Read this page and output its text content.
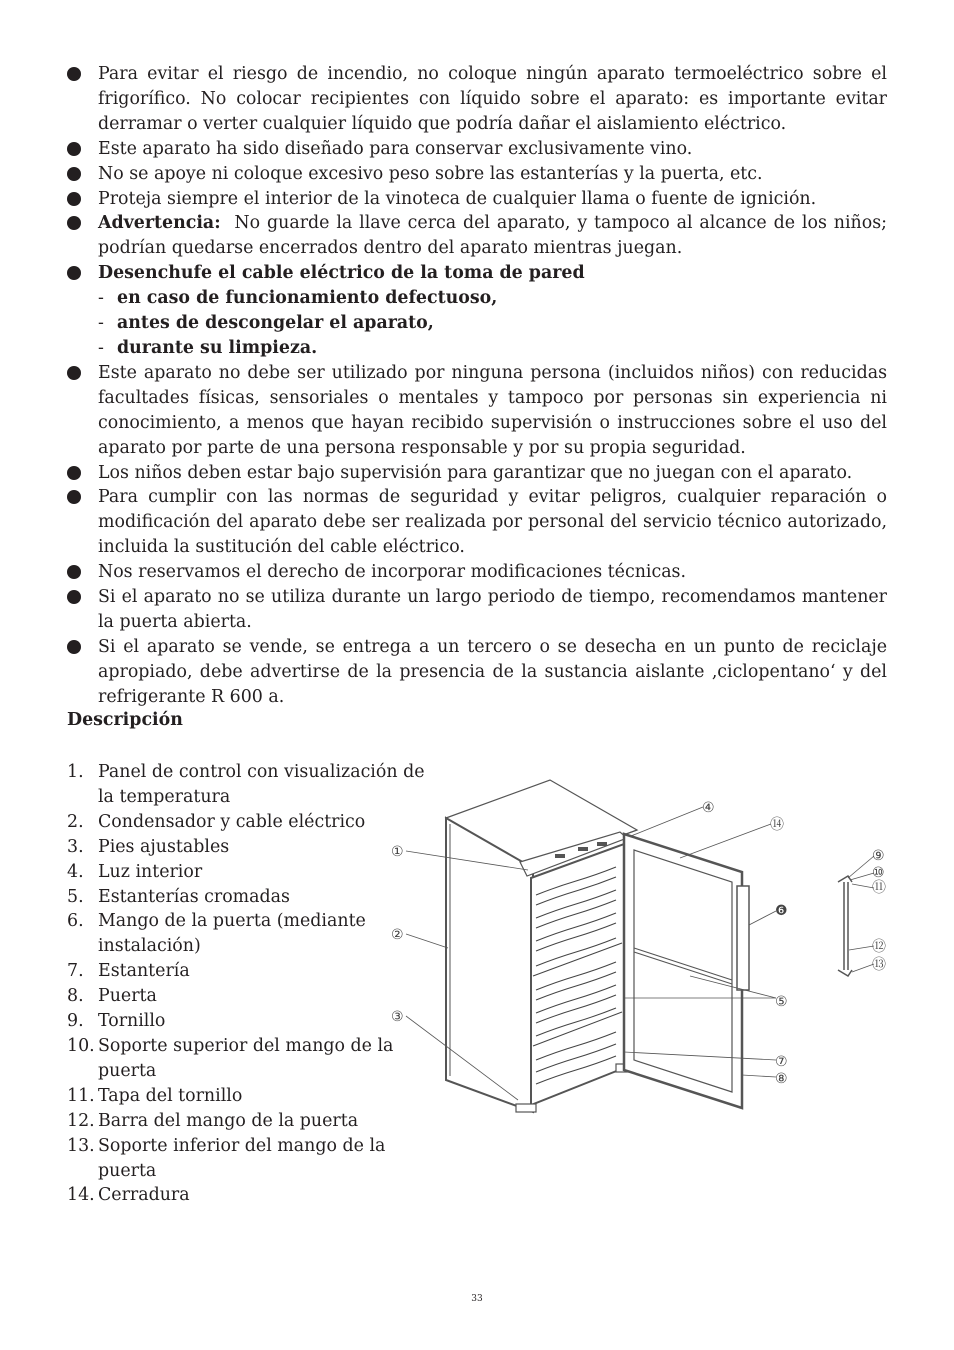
Para evitar el riesgo de incendio, no coloque ningún aparato termoeléctrico sobre el frigorífico. No colocar recipientes con líquido sobre el aparato: es importante evitar derramar o verter cualquier líquido que podría dañar el aislamiento eléctrico.
Este aparato ha sido diseñado para conservar exclusivamente vino.
No se apoye ni coloque excesivo peso sobre las estanterías y la puerta, etc.
Proteja siempre el interior de la vinoteca de cualquier llama o fuente de ignición.
Advertencia: No guarde la llave cerca del aparato, y tampoco al alcance de los niños; podrían quedarse encerrados dentro del aparato mientras juegan.
Desenchufe el cable eléctrico de la toma de pared
- en caso de funcionamiento defectuoso,
- antes de descongelar el aparato,
- durante su limpieza.
Este aparato no debe ser utilizado por ninguna persona (incluidos niños) con reducidas facultades físicas, sensoriales o mentales y tampoco por personas sin experiencia ni conocimiento, a menos que hayan recibido supervisión o instrucciones sobre el uso del aparato por parte de una persona responsable y por su propia seguridad.
Los niños deben estar bajo supervisión para garantizar que no juegan con el aparato.
Para cumplir con las normas de seguridad y evitar peligros, cualquier reparación o modificación del aparato debe ser realizada por personal del servicio técnico autorizado, incluida la sustitución del cable eléctrico.
Nos reservamos el derecho de incorporar modificaciones técnicas.
Si el aparato no se utiliza durante un largo periodo de tiempo, recomendamos mantener la puerta abierta.
Si el aparato se vende, se entrega a un tercero o se desecha en un punto de reciclaje apropiado, debe advertirse de la presencia de la sustancia aislante ‚ciclopentano‘ y del refrigerante R 600 a.
Descripción
1. Panel de control con visualización de la temperatura
2. Condensador y cable eléctrico
3. Pies ajustables
4. Luz interior
5. Estanterías cromadas
6. Mango de la puerta (mediante instalación)
7. Estantería
8. Puerta
9. Tornillo
10. Soporte superior del mango de la puerta
11. Tapa del tornillo
12. Barra del mango de la puerta
13. Soporte inferior del mango de la puerta
14. Cerradura
①
②
③
④
⑤
❻
⑦
⑧
⑨
⑩
⑪
⑫
⑬
⑭
33
